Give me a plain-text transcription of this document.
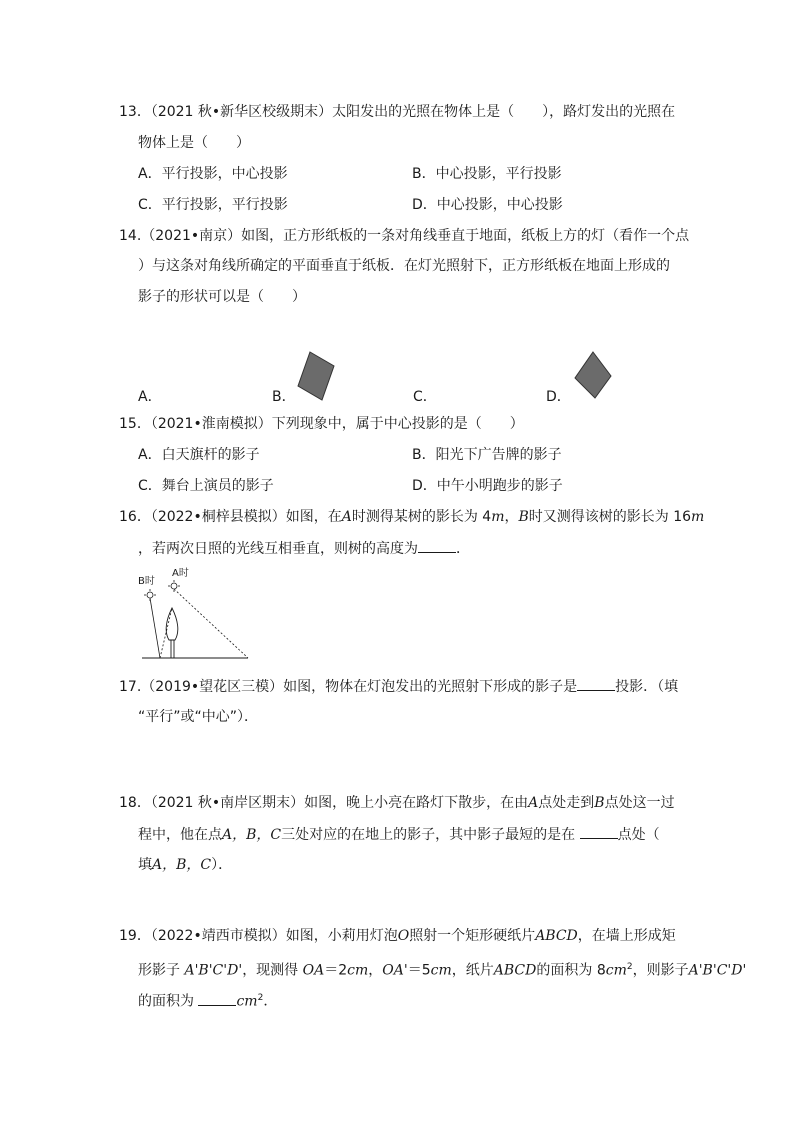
13．（2021 秋•新华区校级期末）太阳发出的光照在物体上是（　　），路灯发出的光照在
物体上是（　　）
A．平行投影，中心投影	B．中心投影，平行投影
C．平行投影，平行投影	D．中心投影，中心投影
14.（2021•南京）如图，正方形纸板的一条对角线垂直于地面，纸板上方的灯（看作一个点
）与这条对角线所确定的平面垂直于纸板．在灯光照射下，正方形纸板在地面上形成的
影子的形状可以是（　　）
A．	B．	C．	D．
15．（2021•淮南模拟）下列现象中，属于中心投影的是（　　）
A．白天旗杆的影子	B．阳光下广告牌的影子
C．舞台上演员的影子	D．中午小明跑步的影子
16．（2022•桐梓县模拟）如图，在A时测得某树的影长为 4m，B时又测得该树的影长为 16m
，若两次日照的光线互相垂直，则树的高度为	．
B时
A时
17.（2019•望花区三模）如图，物体在灯泡发出的光照射下形成的影子是	投影．（填
“平行”或“中心”）．
18．（2021 秋•南岸区期末）如图，晚上小亮在路灯下散步，在由A点处走到B点处这一过
程中，他在点A，B，C三处对应的在地上的影子，其中影子最短的是在	点处（
填A，B，C）．
19．（2022•靖西市模拟）如图，小莉用灯泡O照射一个矩形硬纸片ABCD，在墙上形成矩
形影子 A'B'C'D'，现测得 OA＝2cm，OA'＝5cm，纸片ABCD的面积为 $8cm^2$，则影子A'B'C'D'
的面积为	$cm^2$．
